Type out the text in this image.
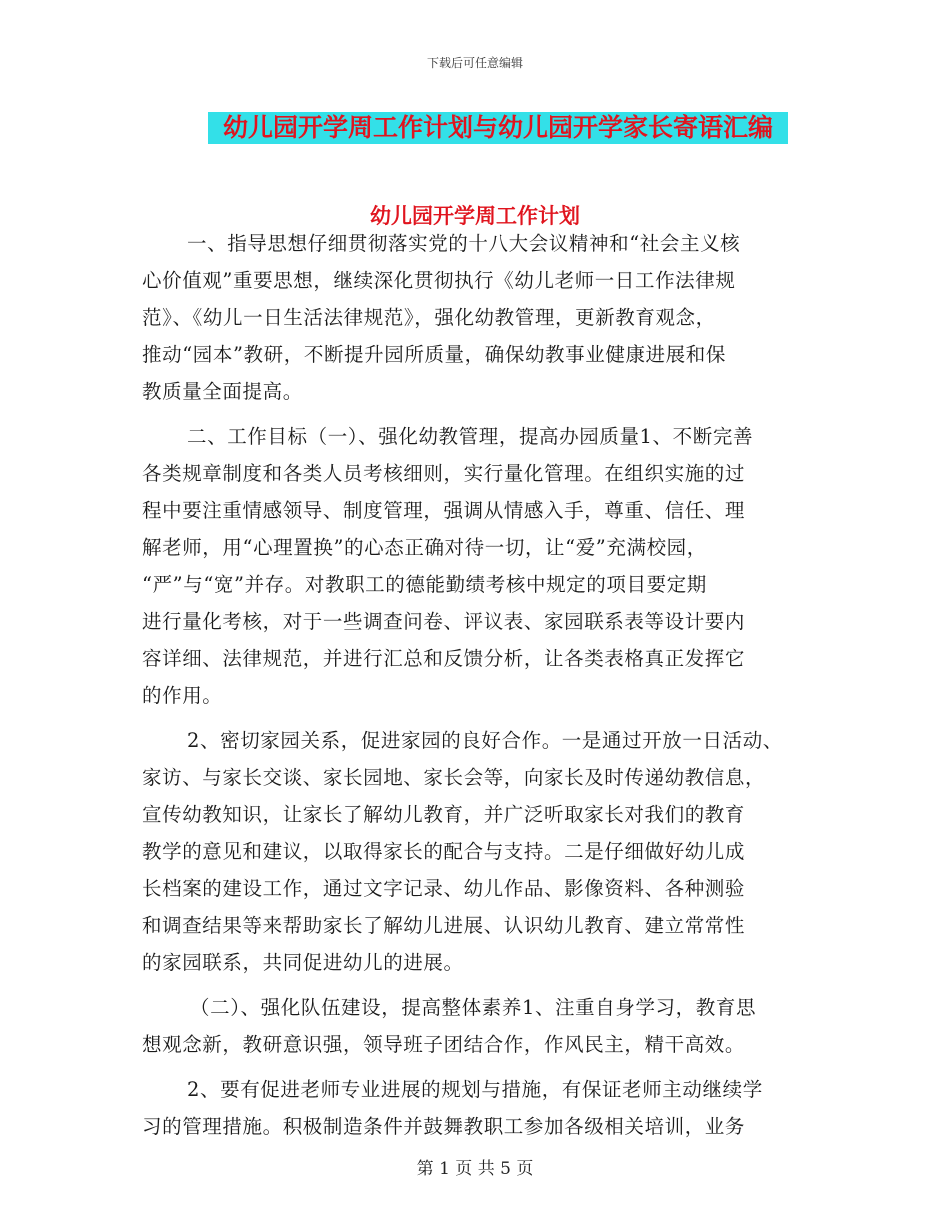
下载后可任意编辑
幼儿园开学周工作计划与幼儿园开学家长寄语汇编
幼儿园开学周工作计划

一、指导思想仔细贯彻落实党的十八大会议精神和“社会主义核
心价值观”重要思想，继续深化贯彻执行《幼儿老师一日工作法律规
范》、《幼儿一日生活法律规范》，强化幼教管理，更新教育观念，
推动“园本”教研，不断提升园所质量，确保幼教事业健康进展和保
教质量全面提高。

二、工作目标（一）、强化幼教管理，提高办园质量1、不断完善
各类规章制度和各类人员考核细则，实行量化管理。在组织实施的过
程中要注重情感领导、制度管理，强调从情感入手，尊重、信任、理
解老师，用“心理置换”的心态正确对待一切，让“爱”充满校园，
“严”与“宽”并存。对教职工的德能勤绩考核中规定的项目要定期
进行量化考核，对于一些调查问卷、评议表、家园联系表等设计要内
容详细、法律规范，并进行汇总和反馈分析，让各类表格真正发挥它
的作用。

2、密切家园关系，促进家园的良好合作。一是通过开放一日活动、
家访、与家长交谈、家长园地、家长会等，向家长及时传递幼教信息，
宣传幼教知识，让家长了解幼儿教育，并广泛听取家长对我们的教育
教学的意见和建议，以取得家长的配合与支持。二是仔细做好幼儿成
长档案的建设工作，通过文字记录、幼儿作品、影像资料、各种测验
和调查结果等来帮助家长了解幼儿进展、认识幼儿教育、建立常常性
的家园联系，共同促进幼儿的进展。

（二）、强化队伍建设，提高整体素养1、注重自身学习，教育思
想观念新，教研意识强，领导班子团结合作，作风民主，精干高效。

2、要有促进老师专业进展的规划与措施，有保证老师主动继续学
习的管理措施。积极制造条件并鼓舞教职工参加各级相关培训，业务

第 1 页 共 5 页
